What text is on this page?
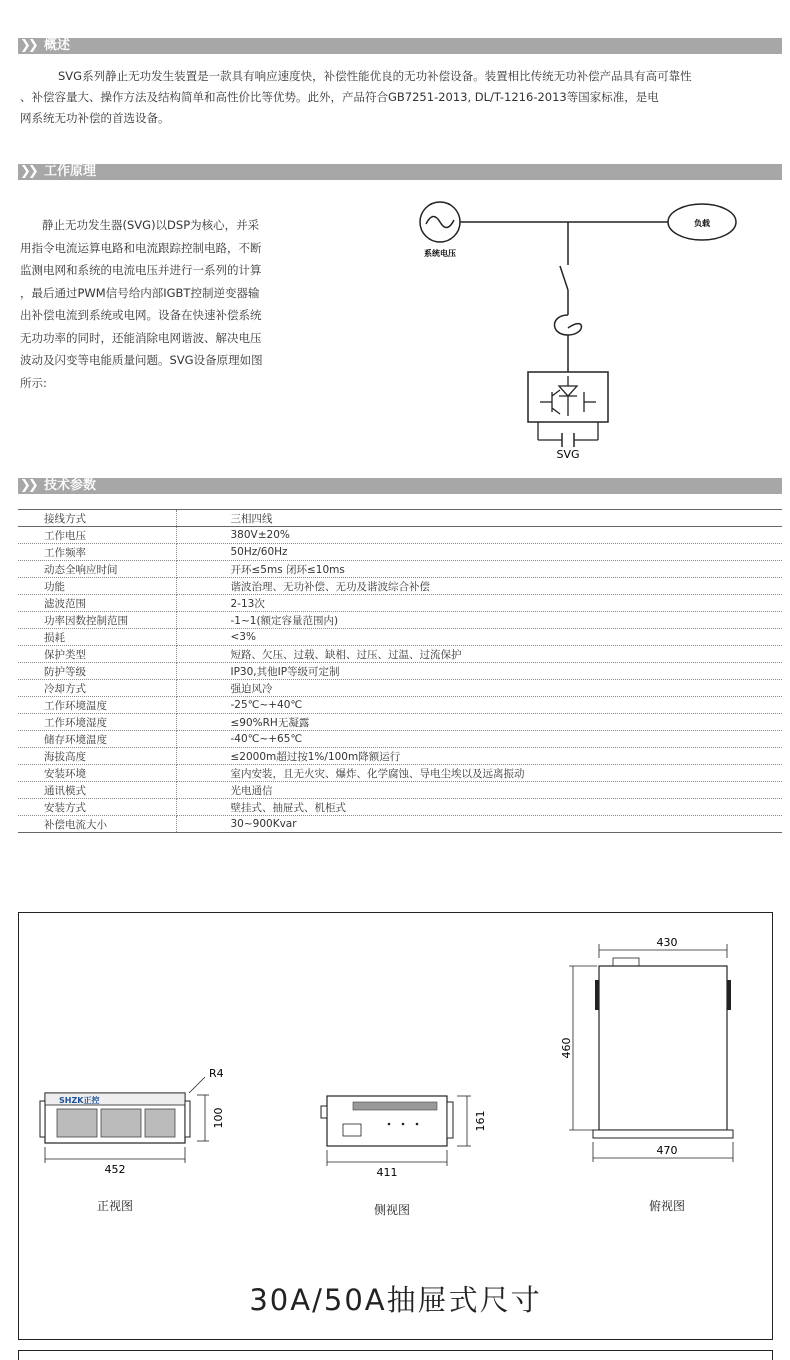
❯❯ 概述
SVG系列静止无功发生装置是一款具有响应速度快，补偿性能优良的无功补偿设备。装置相比传统无功补偿产品具有高可靠性
、补偿容量大、操作方法及结构简单和高性价比等优势。此外，产品符合GB7251-2013, DL/T-1216-2013等国家标准，是电
网系统无功补偿的首选设备。
❯❯ 工作原理
静止无功发生器(SVG)以DSP为核心，并采
用指令电流运算电路和电流跟踪控制电路，不断
监测电网和系统的电流电压并进行一系列的计算
，最后通过PWM信号给内部IGBT控制逆变器输
出补偿电流到系统或电网。设备在快速补偿系统
无功功率的同时，还能消除电网谐波、解决电压
波动及闪变等电能质量问题。SVG设备原理如图
所示:
负载
系统电压
SVG
❯❯ 技术参数
接线方式	三相四线
工作电压	380V±20%
工作频率	50Hz/60Hz
动态全响应时间	开环≤5ms 闭环≤10ms
功能	谐波治理、无功补偿、无功及谐波综合补偿
滤波范围	2-13次
功率因数控制范围	-1~1(额定容量范围内)
损耗	<3%
保护类型	短路、欠压、过载、缺相、过压、过温、过流保护
防护等级	IP30,其他IP等级可定制
冷却方式	强迫风冷
工作环境温度	-25℃~+40℃
工作环境湿度	≤90%RH无凝露
储存环境温度	-40℃~+65℃
海拔高度	≤2000m超过按1%/100m降额运行
安装环境	室内安装，且无火灾、爆炸、化学腐蚀、导电尘埃以及远离振动
通讯模式	光电通信
安装方式	壁挂式、抽屉式、机柜式
补偿电流大小	30~900Kvar
SHZK正控
100
R4
452
正视图
161
411
侧视图
430
460
470
俯视图
30A/50A抽屉式尺寸
